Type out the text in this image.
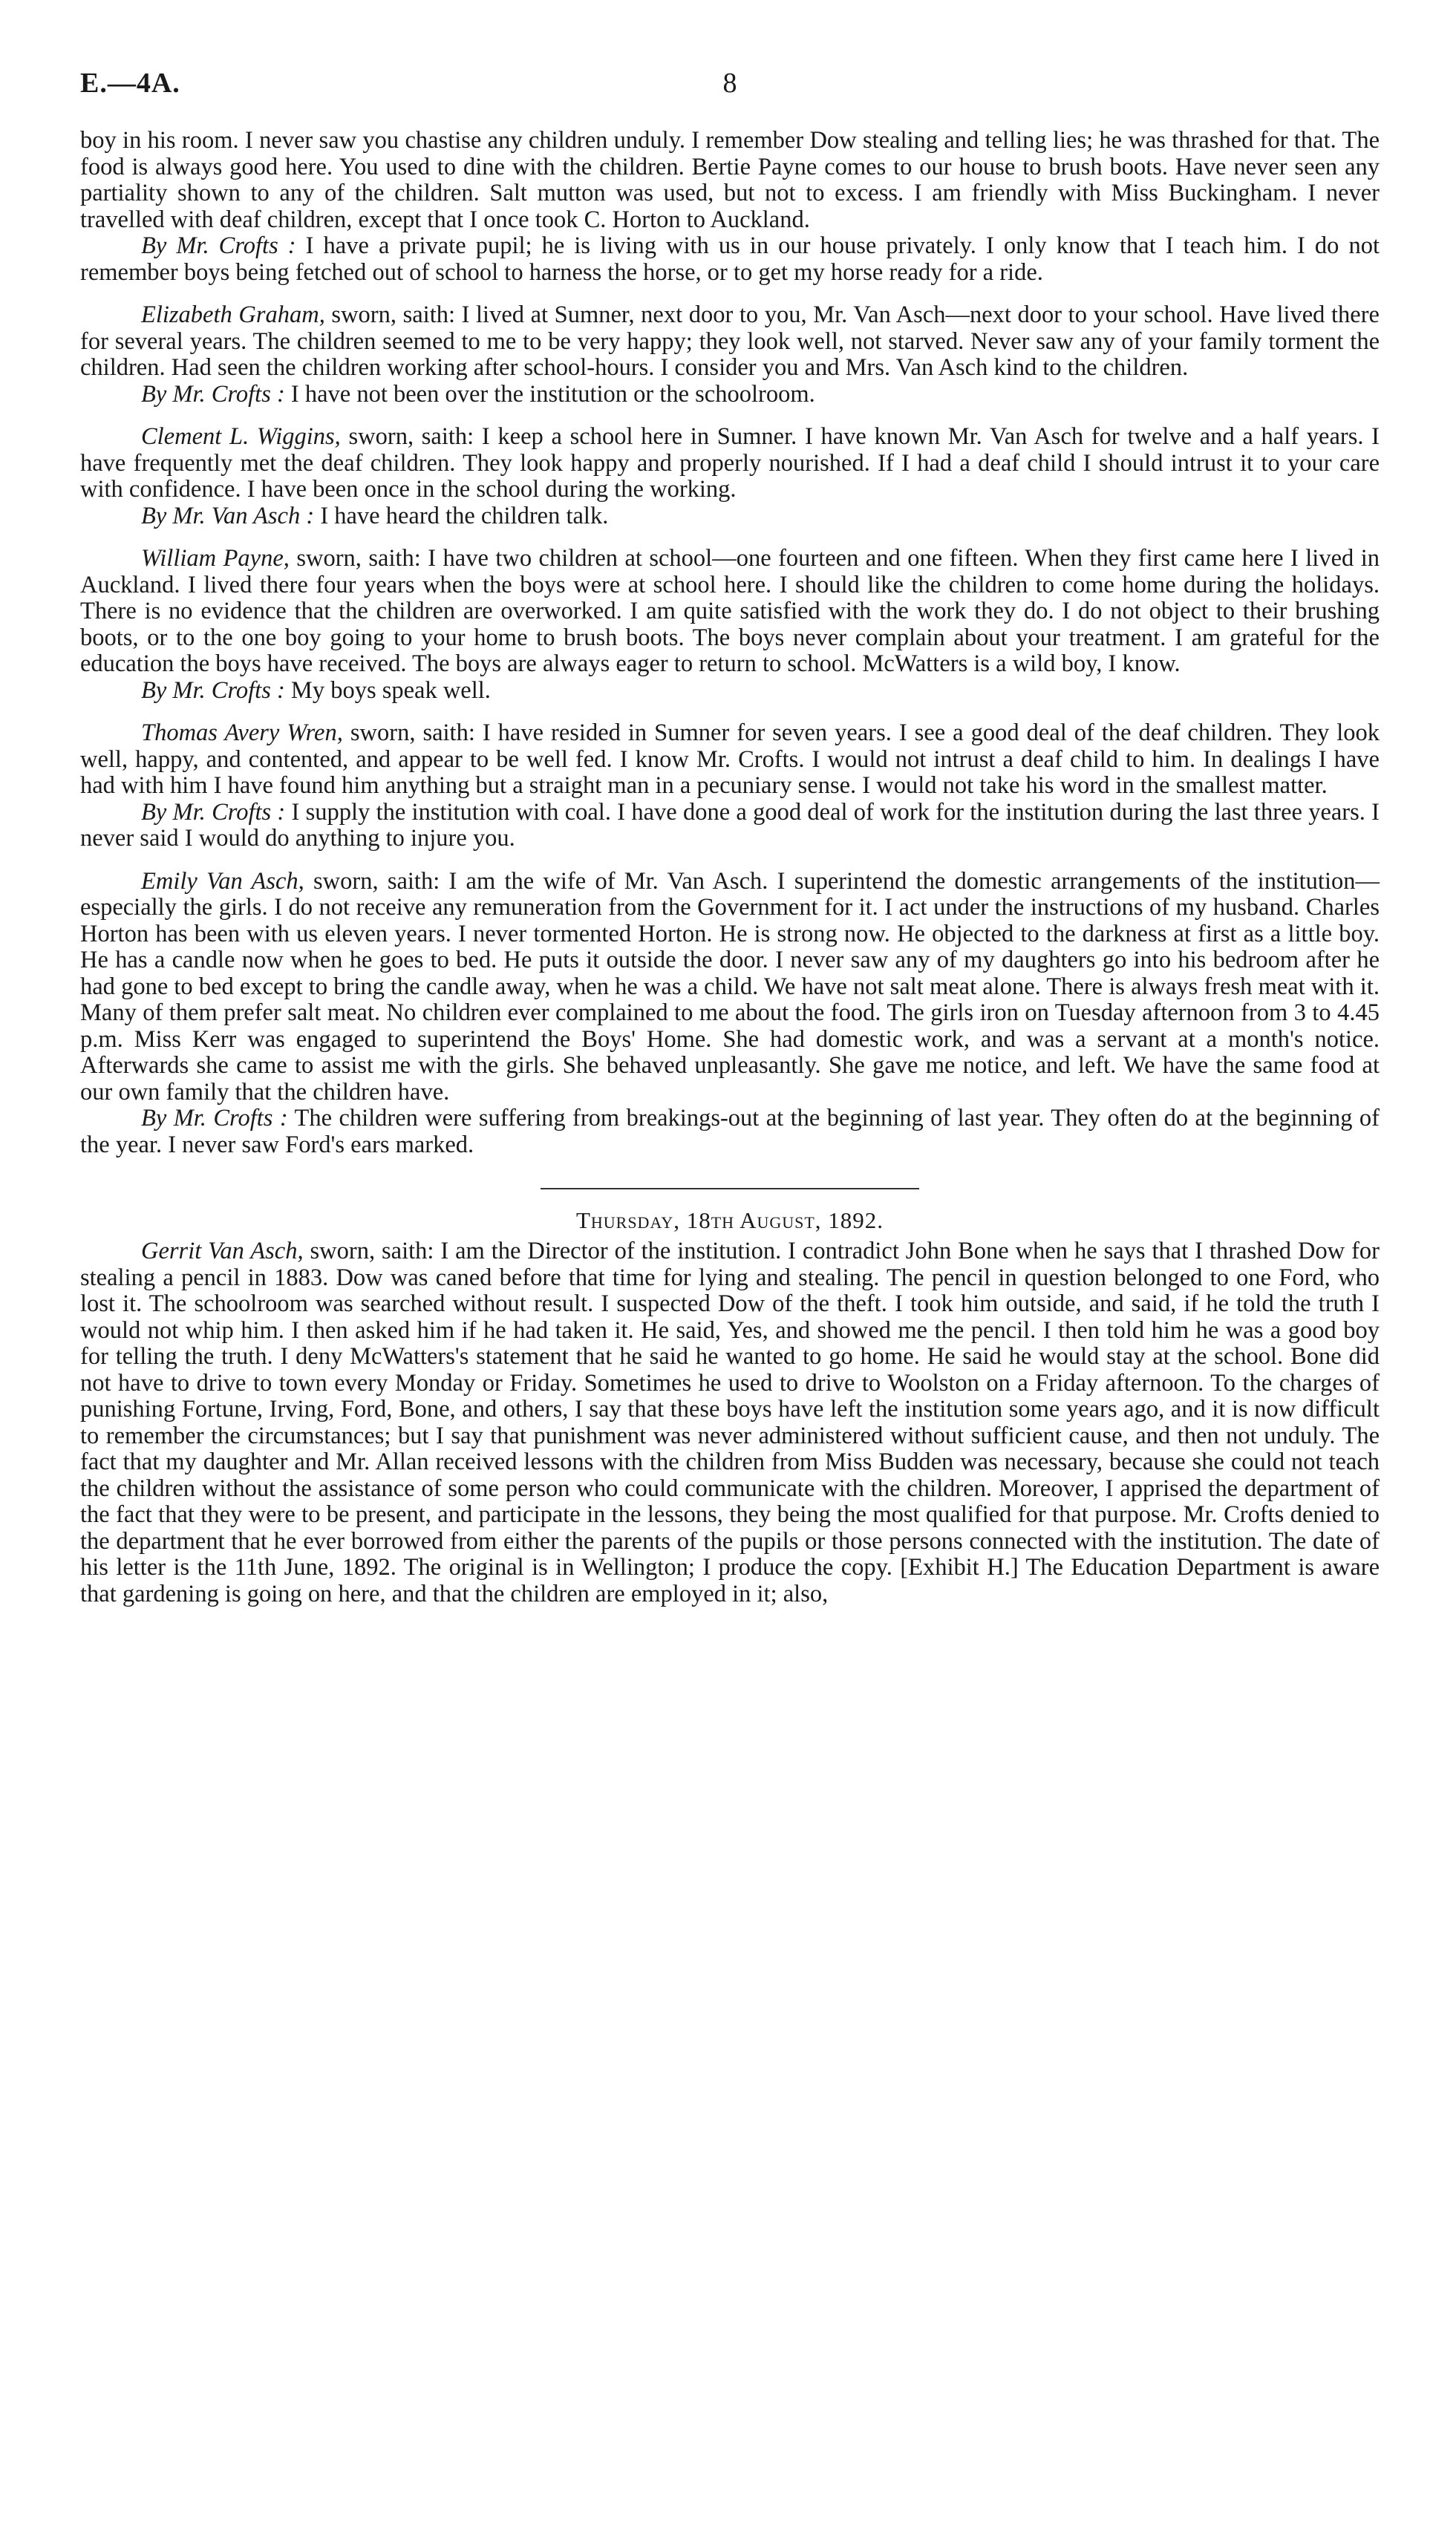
E.—4A.	8

boy in his room. I never saw you chastise any children unduly. I remember Dow stealing and telling lies; he was thrashed for that. The food is always good here. You used to dine with the children. Bertie Payne comes to our house to brush boots. Have never seen any partiality shown to any of the children. Salt mutton was used, but not to excess. I am friendly with Miss Buckingham. I never travelled with deaf children, except that I once took C. Horton to Auckland.

By Mr. Crofts : I have a private pupil; he is living with us in our house privately. I only know that I teach him. I do not remember boys being fetched out of school to harness the horse, or to get my horse ready for a ride.

Elizabeth Graham, sworn, saith: I lived at Sumner, next door to you, Mr. Van Asch—next door to your school. Have lived there for several years. The children seemed to me to be very happy; they look well, not starved. Never saw any of your family torment the children. Had seen the children working after school-hours. I consider you and Mrs. Van Asch kind to the children.

By Mr. Crofts : I have not been over the institution or the schoolroom.

Clement L. Wiggins, sworn, saith: I keep a school here in Sumner. I have known Mr. Van Asch for twelve and a half years. I have frequently met the deaf children. They look happy and properly nourished. If I had a deaf child I should intrust it to your care with confidence. I have been once in the school during the working.

By Mr. Van Asch : I have heard the children talk.

William Payne, sworn, saith: I have two children at school—one fourteen and one fifteen. When they first came here I lived in Auckland. I lived there four years when the boys were at school here. I should like the children to come home during the holidays. There is no evidence that the children are overworked. I am quite satisfied with the work they do. I do not object to their brushing boots, or to the one boy going to your home to brush boots. The boys never complain about your treatment. I am grateful for the education the boys have received. The boys are always eager to return to school. McWatters is a wild boy, I know.

By Mr. Crofts : My boys speak well.

Thomas Avery Wren, sworn, saith: I have resided in Sumner for seven years. I see a good deal of the deaf children. They look well, happy, and contented, and appear to be well fed. I know Mr. Crofts. I would not intrust a deaf child to him. In dealings I have had with him I have found him anything but a straight man in a pecuniary sense. I would not take his word in the smallest matter.

By Mr. Crofts : I supply the institution with coal. I have done a good deal of work for the institution during the last three years. I never said I would do anything to injure you.

Emily Van Asch, sworn, saith: I am the wife of Mr. Van Asch. I superintend the domestic arrangements of the institution—especially the girls. I do not receive any remuneration from the Government for it. I act under the instructions of my husband. Charles Horton has been with us eleven years. I never tormented Horton. He is strong now. He objected to the darkness at first as a little boy. He has a candle now when he goes to bed. He puts it outside the door. I never saw any of my daughters go into his bedroom after he had gone to bed except to bring the candle away, when he was a child. We have not salt meat alone. There is always fresh meat with it. Many of them prefer salt meat. No children ever complained to me about the food. The girls iron on Tuesday afternoon from 3 to 4.45 p.m. Miss Kerr was engaged to superintend the Boys' Home. She had domestic work, and was a servant at a month's notice. Afterwards she came to assist me with the girls. She behaved unpleasantly. She gave me notice, and left. We have the same food at our own family that the children have.

By Mr. Crofts : The children were suffering from breakings-out at the beginning of last year. They often do at the beginning of the year. I never saw Ford's ears marked.

Thursday, 18th August, 1892.

Gerrit Van Asch, sworn, saith: I am the Director of the institution. I contradict John Bone when he says that I thrashed Dow for stealing a pencil in 1883. Dow was caned before that time for lying and stealing. The pencil in question belonged to one Ford, who lost it. The schoolroom was searched without result. I suspected Dow of the theft. I took him outside, and said, if he told the truth I would not whip him. I then asked him if he had taken it. He said, Yes, and showed me the pencil. I then told him he was a good boy for telling the truth. I deny McWatters's statement that he said he wanted to go home. He said he would stay at the school. Bone did not have to drive to town every Monday or Friday. Sometimes he used to drive to Woolston on a Friday afternoon. To the charges of punishing Fortune, Irving, Ford, Bone, and others, I say that these boys have left the institution some years ago, and it is now difficult to remember the circumstances; but I say that punishment was never administered without sufficient cause, and then not unduly. The fact that my daughter and Mr. Allan received lessons with the children from Miss Budden was necessary, because she could not teach the children without the assistance of some person who could communicate with the children. Moreover, I apprised the department of the fact that they were to be present, and participate in the lessons, they being the most qualified for that purpose. Mr. Crofts denied to the department that he ever borrowed from either the parents of the pupils or those persons connected with the institution. The date of his letter is the 11th June, 1892. The original is in Wellington; I produce the copy. [Exhibit H.] The Education Department is aware that gardening is going on here, and that the children are employed in it; also,
